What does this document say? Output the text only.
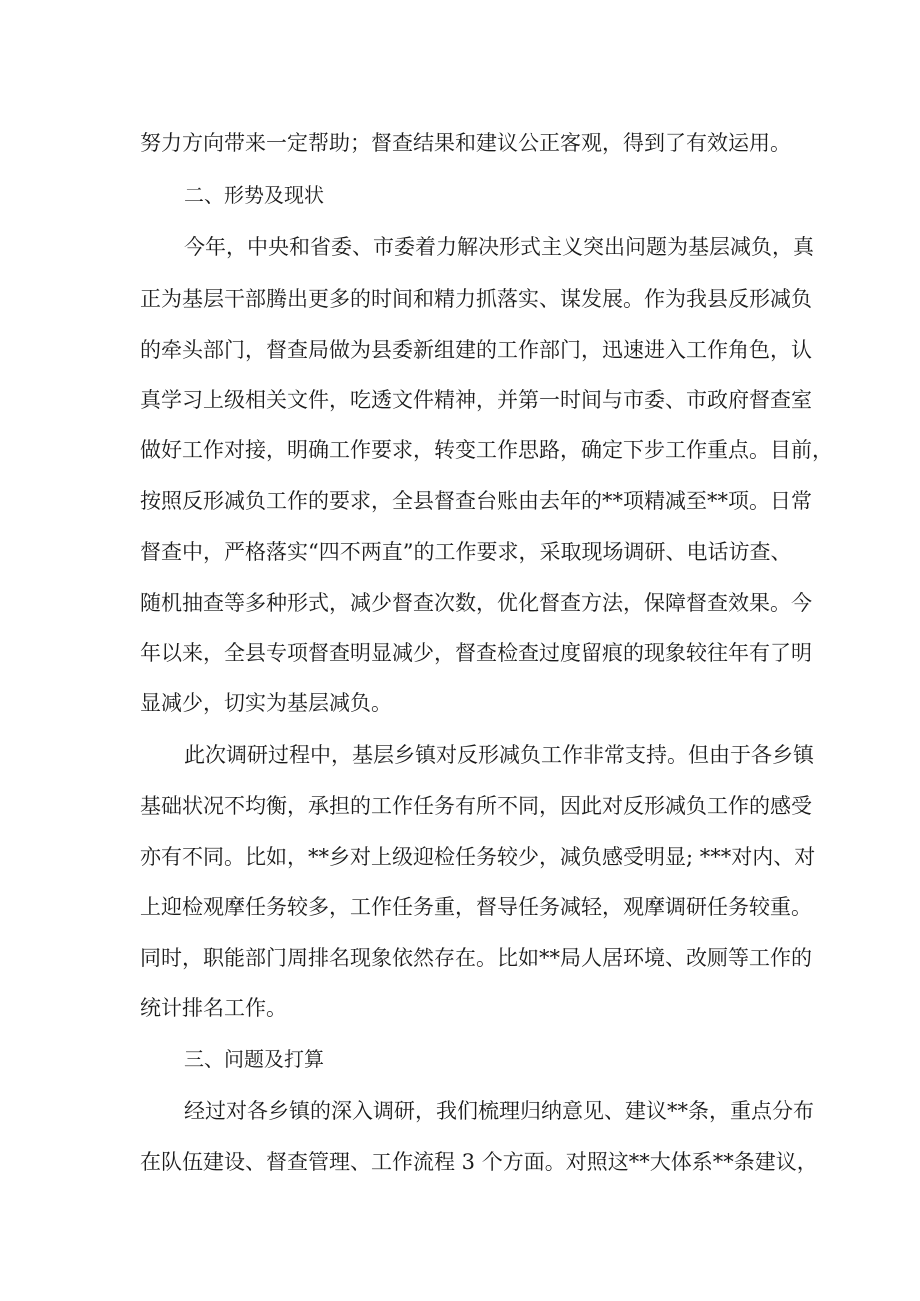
努力方向带来一定帮助；督查结果和建议公正客观，得到了有效运用。
二、形势及现状
今年，中央和省委、市委着力解决形式主义突出问题为基层减负，真
正为基层干部腾出更多的时间和精力抓落实、谋发展。作为我县反形减负
的牵头部门，督查局做为县委新组建的工作部门，迅速进入工作角色，认
真学习上级相关文件，吃透文件精神，并第一时间与市委、市政府督查室
做好工作对接，明确工作要求，转变工作思路，确定下步工作重点。目前，
按照反形减负工作的要求，全县督查台账由去年的**项精减至**项。日常
督查中，严格落实“四不两直”的工作要求，采取现场调研、电话访查、
随机抽查等多种形式，减少督查次数，优化督查方法，保障督查效果。今
年以来，全县专项督查明显减少，督查检查过度留痕的现象较往年有了明
显减少，切实为基层减负。
此次调研过程中，基层乡镇对反形减负工作非常支持。但由于各乡镇
基础状况不均衡，承担的工作任务有所不同，因此对反形减负工作的感受
亦有不同。比如，**乡对上级迎检任务较少，减负感受明显; ***对内、对
上迎检观摩任务较多，工作任务重，督导任务减轻，观摩调研任务较重。
同时，职能部门周排名现象依然存在。比如**局人居环境、改厕等工作的
统计排名工作。
三、问题及打算
经过对各乡镇的深入调研，我们梳理归纳意见、建议**条，重点分布
在队伍建设、督查管理、工作流程 3 个方面。对照这**大体系**条建议，
